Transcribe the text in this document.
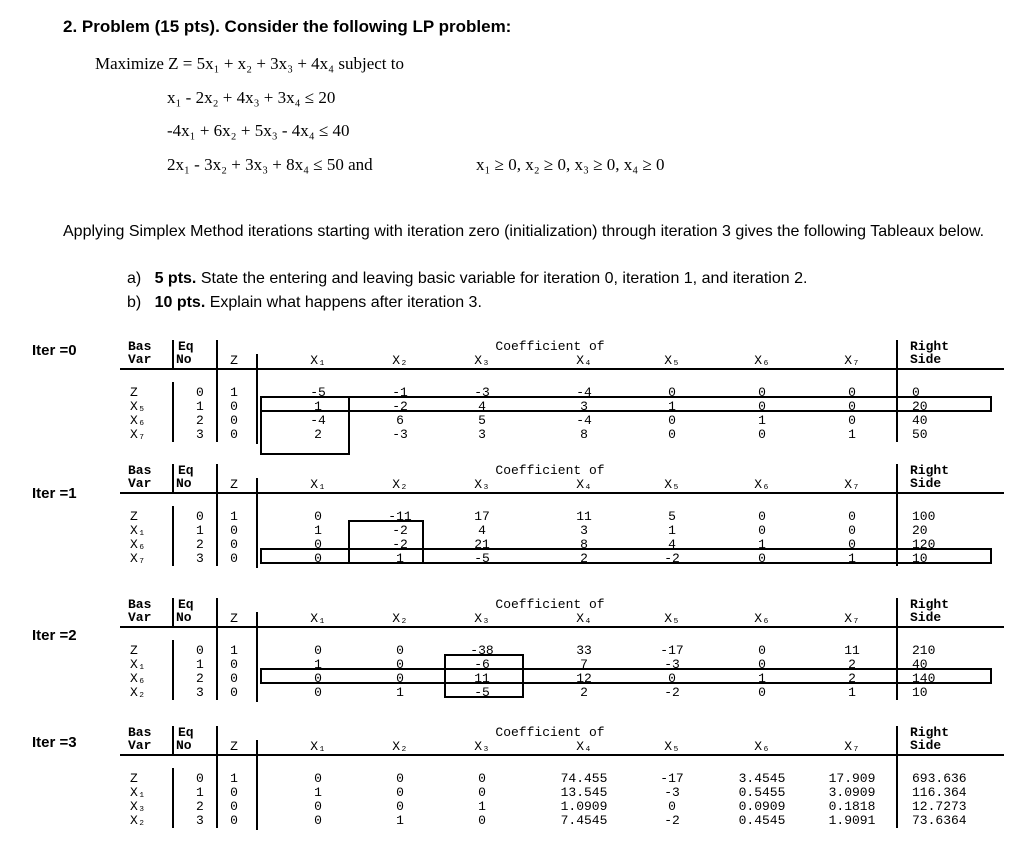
2. Problem (15 pts). Consider the following LP problem:
Maximize Z = 5x₁ + x₂ + 3x₃ + 4x₄ subject to
x₁ - 2x₂ + 4x₃ + 3x₄ ≤ 20
-4x₁ + 6x₂ + 5x₃ - 4x₄ ≤ 40
2x₁ - 3x₂ + 3x₃ + 8x₄ ≤ 50 and	x₁ ≥ 0, x₂ ≥ 0, x₃ ≥ 0, x₄ ≥ 0
Applying Simplex Method iterations starting with iteration zero (initialization) through iteration 3 gives the following Tableaux below.
a) 5 pts. State the entering and leaving basic variable for iteration 0, iteration 1, and iteration 2.
b) 10 pts. Explain what happens after iteration 3.
Iter =0
Iter =1
Iter =2
Iter =3
Bas
Var
Eq
No	Z
Coefficient of
X₁	X₂	X₃	X₄	X₅	X₆	X₇
Right
Side
Z	0 1	-5	-1	-3	-4	0	0	0	0
X₅	1 0	1	-2	4	3	1	0	0	20
X₆	2 0	-4	6	5	-4	0	1	0	40
X₇	3 0	2	-3	3	8	0	0	1	50
Bas
Var
Eq
No	Z
Coefficient of
X₁	X₂	X₃	X₄	X₅	X₆	X₇
Right
Side
Z	0 1	0	-11	17	11	5	0	0	100
X₁	1 0	1	-2	4	3	1	0	0	20
X₆	2 0	0	-2	21	8	4	1	0	120
X₇	3 0	0	1	-5	2	-2	0	1	10
Bas
Var
Eq
No	Z
Coefficient of
X₁	X₂	X₃	X₄	X₅	X₆	X₇
Right
Side
Z	0 1	0	0	-38	33	-17	0	11	210
X₁	1 0	1	0	-6	7	-3	0	2	40
X₆	2 0	0	0	11	12	0	1	2	140
X₂	3 0	0	1	-5	2	-2	0	1	10
Bas
Var
Eq
No	Z
Coefficient of
X₁	X₂	X₃	X₄	X₅	X₆	X₇
Right
Side
Z	0 1	0	0	0	74.455	-17	3.4545	17.909	693.636
X₁	1 0	1	0	0	13.545	-3	0.5455	3.0909	116.364
X₃	2 0	0	0	1	1.0909	0	0.0909	0.1818	12.7273
X₂	3 0	0	1	0	7.4545	-2	0.4545	1.9091	73.6364
